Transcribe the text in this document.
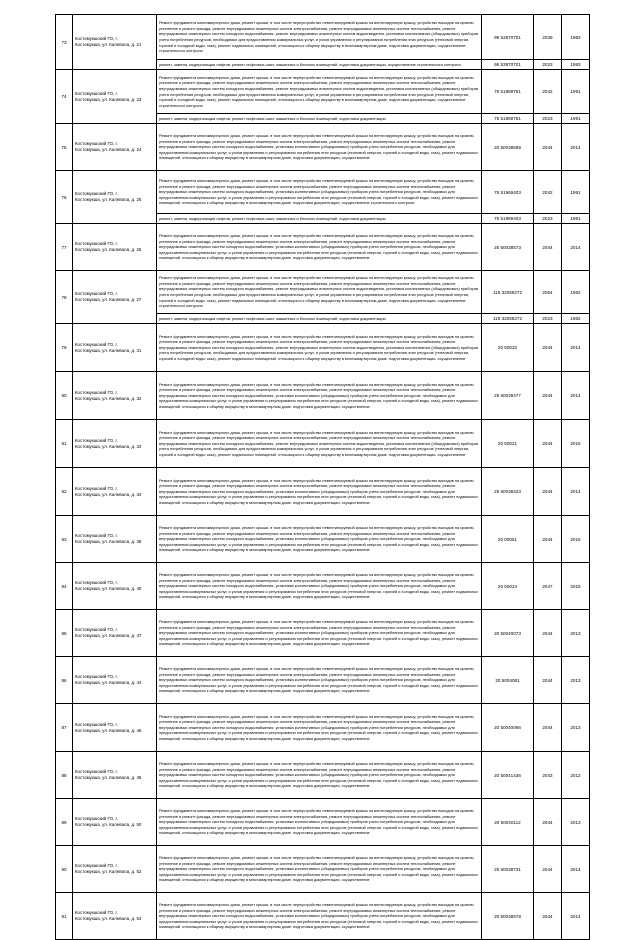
73	Костомукшский ГО, г.
Костомукша, ул. Калевала, д. 21	Ремонт фундамента многоквартирного дома, ремонт крыши, в том числе переустройство невентилируемой крыши на вентилируемую крышу, устройство выходов на кровлю, утепление и ремонт фасада, ремонт внутридомовых инженерных систем электроснабжения, ремонт внутридомовых инженерных систем теплоснабжения, ремонт внутридомовых инженерных систем холодного водоснабжения, ремонт внутридомовых инженерных систем водоотведения, установка коллективных (общедомовых) приборов учета потребления ресурсов, необходимых для предоставления коммунальных услуг, и узлов управления и регулирования потребления этих ресурсов (тепловой энергии, горячей и холодной воды, газа), ремонт подвальных помещений, относящихся к общему имуществу в многоквартирном доме, подготовка документации, осуществление строительного контроля	95 53870701	2039	1983
		ремонт, замена, модернизация лифтов, ремонт лифтовых шахт, машинных и блочных помещений, подготовка документации, осуществление строительного контроля	95 53870701	2023	1983
74	Костомукшский ГО, г.
Костомукша, ул. Калевала, д. 23	Ремонт фундамента многоквартирного дома, ремонт крыши, в том числе переустройство невентилируемой крыши на вентилируемую крышу, устройство выходов на кровлю, утепление и ремонт фасада, ремонт внутридомовых инженерных систем электроснабжения, ремонт внутридомовых инженерных систем теплоснабжения, ремонт внутридомовых инженерных систем холодного водоснабжения, ремонт внутридомовых инженерных систем водоотведения, установка коллективных (общедомовых) приборов учета потребления ресурсов, необходимых для предоставления коммунальных услуг, и узлов управления и регулирования потребления этих ресурсов (тепловой энергии, горячей и холодной воды, газа), ремонт подвальных помещений, относящихся к общему имуществу в многоквартирном доме, подготовка документации, осуществление строительного контроля	75 51969761	2042	1991
		ремонт, замена, модернизация лифтов, ремонт лифтовых шахт, машинных и блочных помещений, подготовка документации	75 51969761	2023	1991
75	Костомукшский ГО, г.
Костомукша, ул. Калевала, д. 24	Ремонт фундамента многоквартирного дома, ремонт крыши, в том числе переустройство невентилируемой крыши на вентилируемую крышу, устройство выходов на кровлю, утепление и ремонт фасада, ремонт внутридомовых инженерных систем электроснабжения, ремонт внутридомовых инженерных систем теплоснабжения, ремонт внутридомовых инженерных систем холодного водоснабжения, установка коллективных (общедомовых) приборов учета потребления ресурсов, необходимых для предоставления коммунальных услуг, и узлов управления и регулирования потребления этих ресурсов (тепловой энергии, горячей и холодной воды, газа), ремонт подвальных помещений, относящихся к общему имуществу в многоквартирном доме, подготовка документации, осуществление	20 50038569	2044	2014
76	Костомукшский ГО, г.
Костомукша, ул. Калевала, д. 25	Ремонт фундамента многоквартирного дома, ремонт крыши, в том числе переустройство невентилируемой крыши на вентилируемую крышу, устройство выходов на кровлю, утепление и ремонт фасада, ремонт внутридомовых инженерных систем электроснабжения, ремонт внутридомовых инженерных систем теплоснабжения, ремонт внутридомовых инженерных систем холодного водоснабжения, установка коллективных (общедомовых) приборов учета потребления ресурсов, необходимых для предоставления коммунальных услуг, и узлов управления и регулирования потребления этих ресурсов (тепловой энергии, горячей и холодной воды, газа), ремонт подвальных помещений, относящихся к общему имуществу в многоквартирном доме, подготовка документации, осуществление строительного контроля	75 51969403	2042	1991
		ремонт, замена, модернизация лифтов, ремонт лифтовых шахт, машинных и блочных помещений, подготовка документации	75 51969403	2023	1991
77	Костомукшский ГО, г.
Костомукша, ул. Калевала, д. 26	Ремонт фундамента многоквартирного дома, ремонт крыши, в том числе переустройство невентилируемой крыши на вентилируемую крышу, устройство выходов на кровлю, утепление и ремонт фасада, ремонт внутридомовых инженерных систем электроснабжения, ремонт внутридомовых инженерных систем теплоснабжения, ремонт внутридомовых инженерных систем холодного водоснабжения, установка коллективных (общедомовых) приборов учета потребления ресурсов, необходимых для предоставления коммунальных услуг, и узлов управления и регулирования потребления этих ресурсов (тепловой энергии, горячей и холодной воды, газа), ремонт подвальных помещений, относящихся к общему имуществу в многоквартирном доме, подготовка документации, осуществление	25 50038573	2044	2014
78	Костомукшский ГО, г.
Костомукша, ул. Калевала, д. 27	Ремонт фундамента многоквартирного дома, ремонт крыши, в том числе переустройство невентилируемой крыши на вентилируемую крышу, устройство выходов на кровлю, утепление и ремонт фасада, ремонт внутридомовых инженерных систем электроснабжения, ремонт внутридомовых инженерных систем теплоснабжения, ремонт внутридомовых инженерных систем холодного водоснабжения, ремонт внутридомовых инженерных систем водоотведения, установка коллективных (общедомовых) приборов учета потребления ресурсов, необходимых для предоставления коммунальных услуг, и узлов управления и регулирования потребления этих ресурсов (тепловой энергии, горячей и холодной воды, газа), ремонт подвальных помещений, относящихся к общему имуществу в многоквартирном доме, подготовка документации, осуществление строительного контроля	115 32068272	2054	1982
		ремонт, замена, модернизация лифтов, ремонт лифтовых шахт, машинных и блочных помещений, подготовка документации	115 32068272	2023	1982
79	Костомукшский ГО, г.
Костомукша, ул. Калевала, д. 31	Ремонт фундамента многоквартирного дома, ремонт крыши, в том числе переустройство невентилируемой крыши на вентилируемую крышу, устройство выходов на кровлю, утепление и ремонт фасада, ремонт внутридомовых инженерных систем электроснабжения, ремонт внутридомовых инженерных систем теплоснабжения, ремонт внутридомовых инженерных систем холодного водоснабжения, ремонт внутридомовых инженерных систем водоотведения, установка коллективных (общедомовых) приборов учета потребления ресурсов, необходимых для предоставления коммунальных услуг, и узлов управления и регулирования потребления этих ресурсов (тепловой энергии, горячей и холодной воды, газа), ремонт подвальных помещений, относящихся к общему имуществу в многоквартирном доме, подготовка документации, осуществление	20 50032	2044	2014
80	Костомукшский ГО, г.
Костомукша, ул. Калевала, д. 32	Ремонт фундамента многоквартирного дома, ремонт крыши, в том числе переустройство невентилируемой крыши на вентилируемую крышу, устройство выходов на кровлю, утепление и ремонт фасада, ремонт внутридомовых инженерных систем электроснабжения, ремонт внутридомовых инженерных систем теплоснабжения, ремонт внутридомовых инженерных систем холодного водоснабжения, установка коллективных (общедомовых) приборов учета потребления ресурсов, необходимых для предоставления коммунальных услуг, и узлов управления и регулирования потребления этих ресурсов (тепловой энергии, горячей и холодной воды, газа), ремонт подвальных помещений, относящихся к общему имуществу в многоквартирном доме, подготовка документации, осуществление	25 50039477	2044	2014
81	Костомукшский ГО, г.
Костомукша, ул. Калевала, д. 33	Ремонт фундамента многоквартирного дома, ремонт крыши, в том числе переустройство невентилируемой крыши на вентилируемую крышу, устройство выходов на кровлю, утепление и ремонт фасада, ремонт внутридомовых инженерных систем электроснабжения, ремонт внутридомовых инженерных систем теплоснабжения, ремонт внутридомовых инженерных систем холодного водоснабжения, ремонт внутридомовых инженерных систем водоотведения, установка коллективных (общедомовых) приборов учета потребления ресурсов, необходимых для предоставления коммунальных услуг, и узлов управления и регулирования потребления этих ресурсов (тепловой энергии, горячей и холодной воды, газа), ремонт подвальных помещений, относящихся к общему имуществу в многоквартирном доме, подготовка документации, осуществление	20 50021	2044	2015
82	Костомукшский ГО, г.
Костомукша, ул. Калевала, д. 34	Ремонт фундамента многоквартирного дома, ремонт крыши, в том числе переустройство невентилируемой крыши на вентилируемую крышу, устройство выходов на кровлю, утепление и ремонт фасада, ремонт внутридомовых инженерных систем электроснабжения, ремонт внутридомовых инженерных систем теплоснабжения, ремонт внутридомовых инженерных систем холодного водоснабжения, установка коллективных (общедомовых) приборов учета потребления ресурсов, необходимых для предоставления коммунальных услуг, и узлов управления и регулирования потребления этих ресурсов (тепловой энергии, горячей и холодной воды, газа), ремонт подвальных помещений, относящихся к общему имуществу в многоквартирном доме, подготовка документации, осуществление	25 50038423	2044	2014
83	Костомукшский ГО, г.
Костомукша, ул. Калевала, д. 38	Ремонт фундамента многоквартирного дома, ремонт крыши, в том числе переустройство невентилируемой крыши на вентилируемую крышу, устройство выходов на кровлю, утепление и ремонт фасада, ремонт внутридомовых инженерных систем электроснабжения, ремонт внутридомовых инженерных систем теплоснабжения, ремонт внутридомовых инженерных систем холодного водоснабжения, установка коллективных (общедомовых) приборов учета потребления ресурсов, необходимых для предоставления коммунальных услуг, и узлов управления и регулирования потребления этих ресурсов (тепловой энергии, горячей и холодной воды, газа), ремонт подвальных помещений, относящихся к общему имуществу в многоквартирном доме, подготовка документации, осуществление	20 00051	2044	2015
84	Костомукшский ГО, г.
Костомукша, ул. Калевала, д. 40	Ремонт фундамента многоквартирного дома, ремонт крыши, в том числе переустройство невентилируемой крыши на вентилируемую крышу, устройство выходов на кровлю, утепление и ремонт фасада, ремонт внутридомовых инженерных систем электроснабжения, ремонт внутридомовых инженерных систем теплоснабжения, ремонт внутридомовых инженерных систем холодного водоснабжения, установка коллективных (общедомовых) приборов учета потребления ресурсов, необходимых для предоставления коммунальных услуг, и узлов управления и регулирования потребления этих ресурсов (тепловой энергии, горячей и холодной воды, газа), ремонт подвальных помещений, относящихся к общему имуществу в многоквартирном доме, подготовка документации, осуществление	20 50024	2047	2016
85	Костомукшский ГО, г.
Костомукша, ул. Калевала, д. 47	Ремонт фундамента многоквартирного дома, ремонт крыши, в том числе переустройство невентилируемой крыши на вентилируемую крышу, устройство выходов на кровлю, утепление и ремонт фасада, ремонт внутридомовых инженерных систем электроснабжения, ремонт внутридомовых инженерных систем теплоснабжения, ремонт внутридомовых инженерных систем холодного водоснабжения, установка коллективных (общедомовых) приборов учета потребления ресурсов, необходимых для предоставления коммунальных услуг, и узлов управления и регулирования потребления этих ресурсов (тепловой энергии, горячей и холодной воды, газа), ремонт подвальных помещений, относящихся к общему имуществу в многоквартирном доме, подготовка документации, осуществление	20 50040073	2044	2013
86	Костомукшский ГО, г.
Костомукша, ул. Калевала, д. 44	Ремонт фундамента многоквартирного дома, ремонт крыши, в том числе переустройство невентилируемой крыши на вентилируемую крышу, устройство выходов на кровлю, утепление и ремонт фасада, ремонт внутридомовых инженерных систем электроснабжения, ремонт внутридомовых инженерных систем теплоснабжения, ремонт внутридомовых инженерных систем холодного водоснабжения, установка коллективных (общедомовых) приборов учета потребления ресурсов, необходимых для предоставления коммунальных услуг, и узлов управления и регулирования потребления этих ресурсов (тепловой энергии, горячей и холодной воды, газа), ремонт подвальных помещений, относящихся к общему имуществу в многоквартирном доме, подготовка документации, осуществление	20 5004081	2044	2013
87	Костомукшский ГО, г.
Костомукша, ул. Калевала, д. 46	Ремонт фундамента многоквартирного дома, ремонт крыши, в том числе переустройство невентилируемой крыши на вентилируемую крышу, устройство выходов на кровлю, утепление и ремонт фасада, ремонт внутридомовых инженерных систем электроснабжения, ремонт внутридомовых инженерных систем теплоснабжения, ремонт внутридомовых инженерных систем холодного водоснабжения, установка коллективных (общедомовых) приборов учета потребления ресурсов, необходимых для предоставления коммунальных услуг, и узлов управления и регулирования потребления этих ресурсов (тепловой энергии, горячей и холодной воды, газа), ремонт подвальных помещений, относящихся к общему имуществу в многоквартирном доме, подготовка документации, осуществление	20 50040066	2044	2013
88	Костомукшский ГО, г.
Костомукша, ул. Калевала, д. 48	Ремонт фундамента многоквартирного дома, ремонт крыши, в том числе переустройство невентилируемой крыши на вентилируемую крышу, устройство выходов на кровлю, утепление и ремонт фасада, ремонт внутридомовых инженерных систем электроснабжения, ремонт внутридомовых инженерных систем теплоснабжения, ремонт внутридомовых инженерных систем холодного водоснабжения, установка коллективных (общедомовых) приборов учета потребления ресурсов, необходимых для предоставления коммунальных услуг, и узлов управления и регулирования потребления этих ресурсов (тепловой энергии, горячей и холодной воды, газа), ремонт подвальных помещений, относящихся к общему имуществу в многоквартирном доме, подготовка документации, осуществление	20 50041436	2043	2012
89	Костомукшский ГО, г.
Костомукша, ул. Калевала, д. 50	Ремонт фундамента многоквартирного дома, ремонт крыши, в том числе переустройство невентилируемой крыши на вентилируемую крышу, устройство выходов на кровлю, утепление и ремонт фасада, ремонт внутридомовых инженерных систем электроснабжения, ремонт внутридомовых инженерных систем теплоснабжения, ремонт внутридомовых инженерных систем холодного водоснабжения, установка коллективных (общедомовых) приборов учета потребления ресурсов, необходимых для предоставления коммунальных услуг, и узлов управления и регулирования потребления этих ресурсов (тепловой энергии, горячей и холодной воды, газа), ремонт подвальных помещений, относящихся к общему имуществу в многоквартирном доме, подготовка документации, осуществление	20 50040112	2044	2013
90	Костомукшский ГО, г.
Костомукша, ул. Калевала, д. 52	Ремонт фундамента многоквартирного дома, ремонт крыши, в том числе переустройство невентилируемой крыши на вентилируемую крышу, устройство выходов на кровлю, утепление и ремонт фасада, ремонт внутридомовых инженерных систем электроснабжения, ремонт внутридомовых инженерных систем теплоснабжения, ремонт внутридомовых инженерных систем холодного водоснабжения, установка коллективных (общедомовых) приборов учета потребления ресурсов, необходимых для предоставления коммунальных услуг, и узлов управления и регулирования потребления этих ресурсов (тепловой энергии, горячей и холодной воды, газа), ремонт подвальных помещений, относящихся к общему имуществу в многоквартирном доме, подготовка документации, осуществление	25 50038731	2044	2014
91	Костомукшский ГО, г.
Костомукша, ул. Калевала, д. 54	Ремонт фундамента многоквартирного дома, ремонт крыши, в том числе переустройство невентилируемой крыши на вентилируемую крышу, устройство выходов на кровлю, утепление и ремонт фасада, ремонт внутридомовых инженерных систем электроснабжения, ремонт внутридомовых инженерных систем теплоснабжения, ремонт внутридомовых инженерных систем холодного водоснабжения, установка коллективных (общедомовых) приборов учета потребления ресурсов, необходимых для предоставления коммунальных услуг, и узлов управления и регулирования потребления этих ресурсов (тепловой энергии, горячей и холодной воды, газа), ремонт подвальных помещений, относящихся к общему имуществу в многоквартирном доме, подготовка документации, осуществление	20 50038578	2044	2014
